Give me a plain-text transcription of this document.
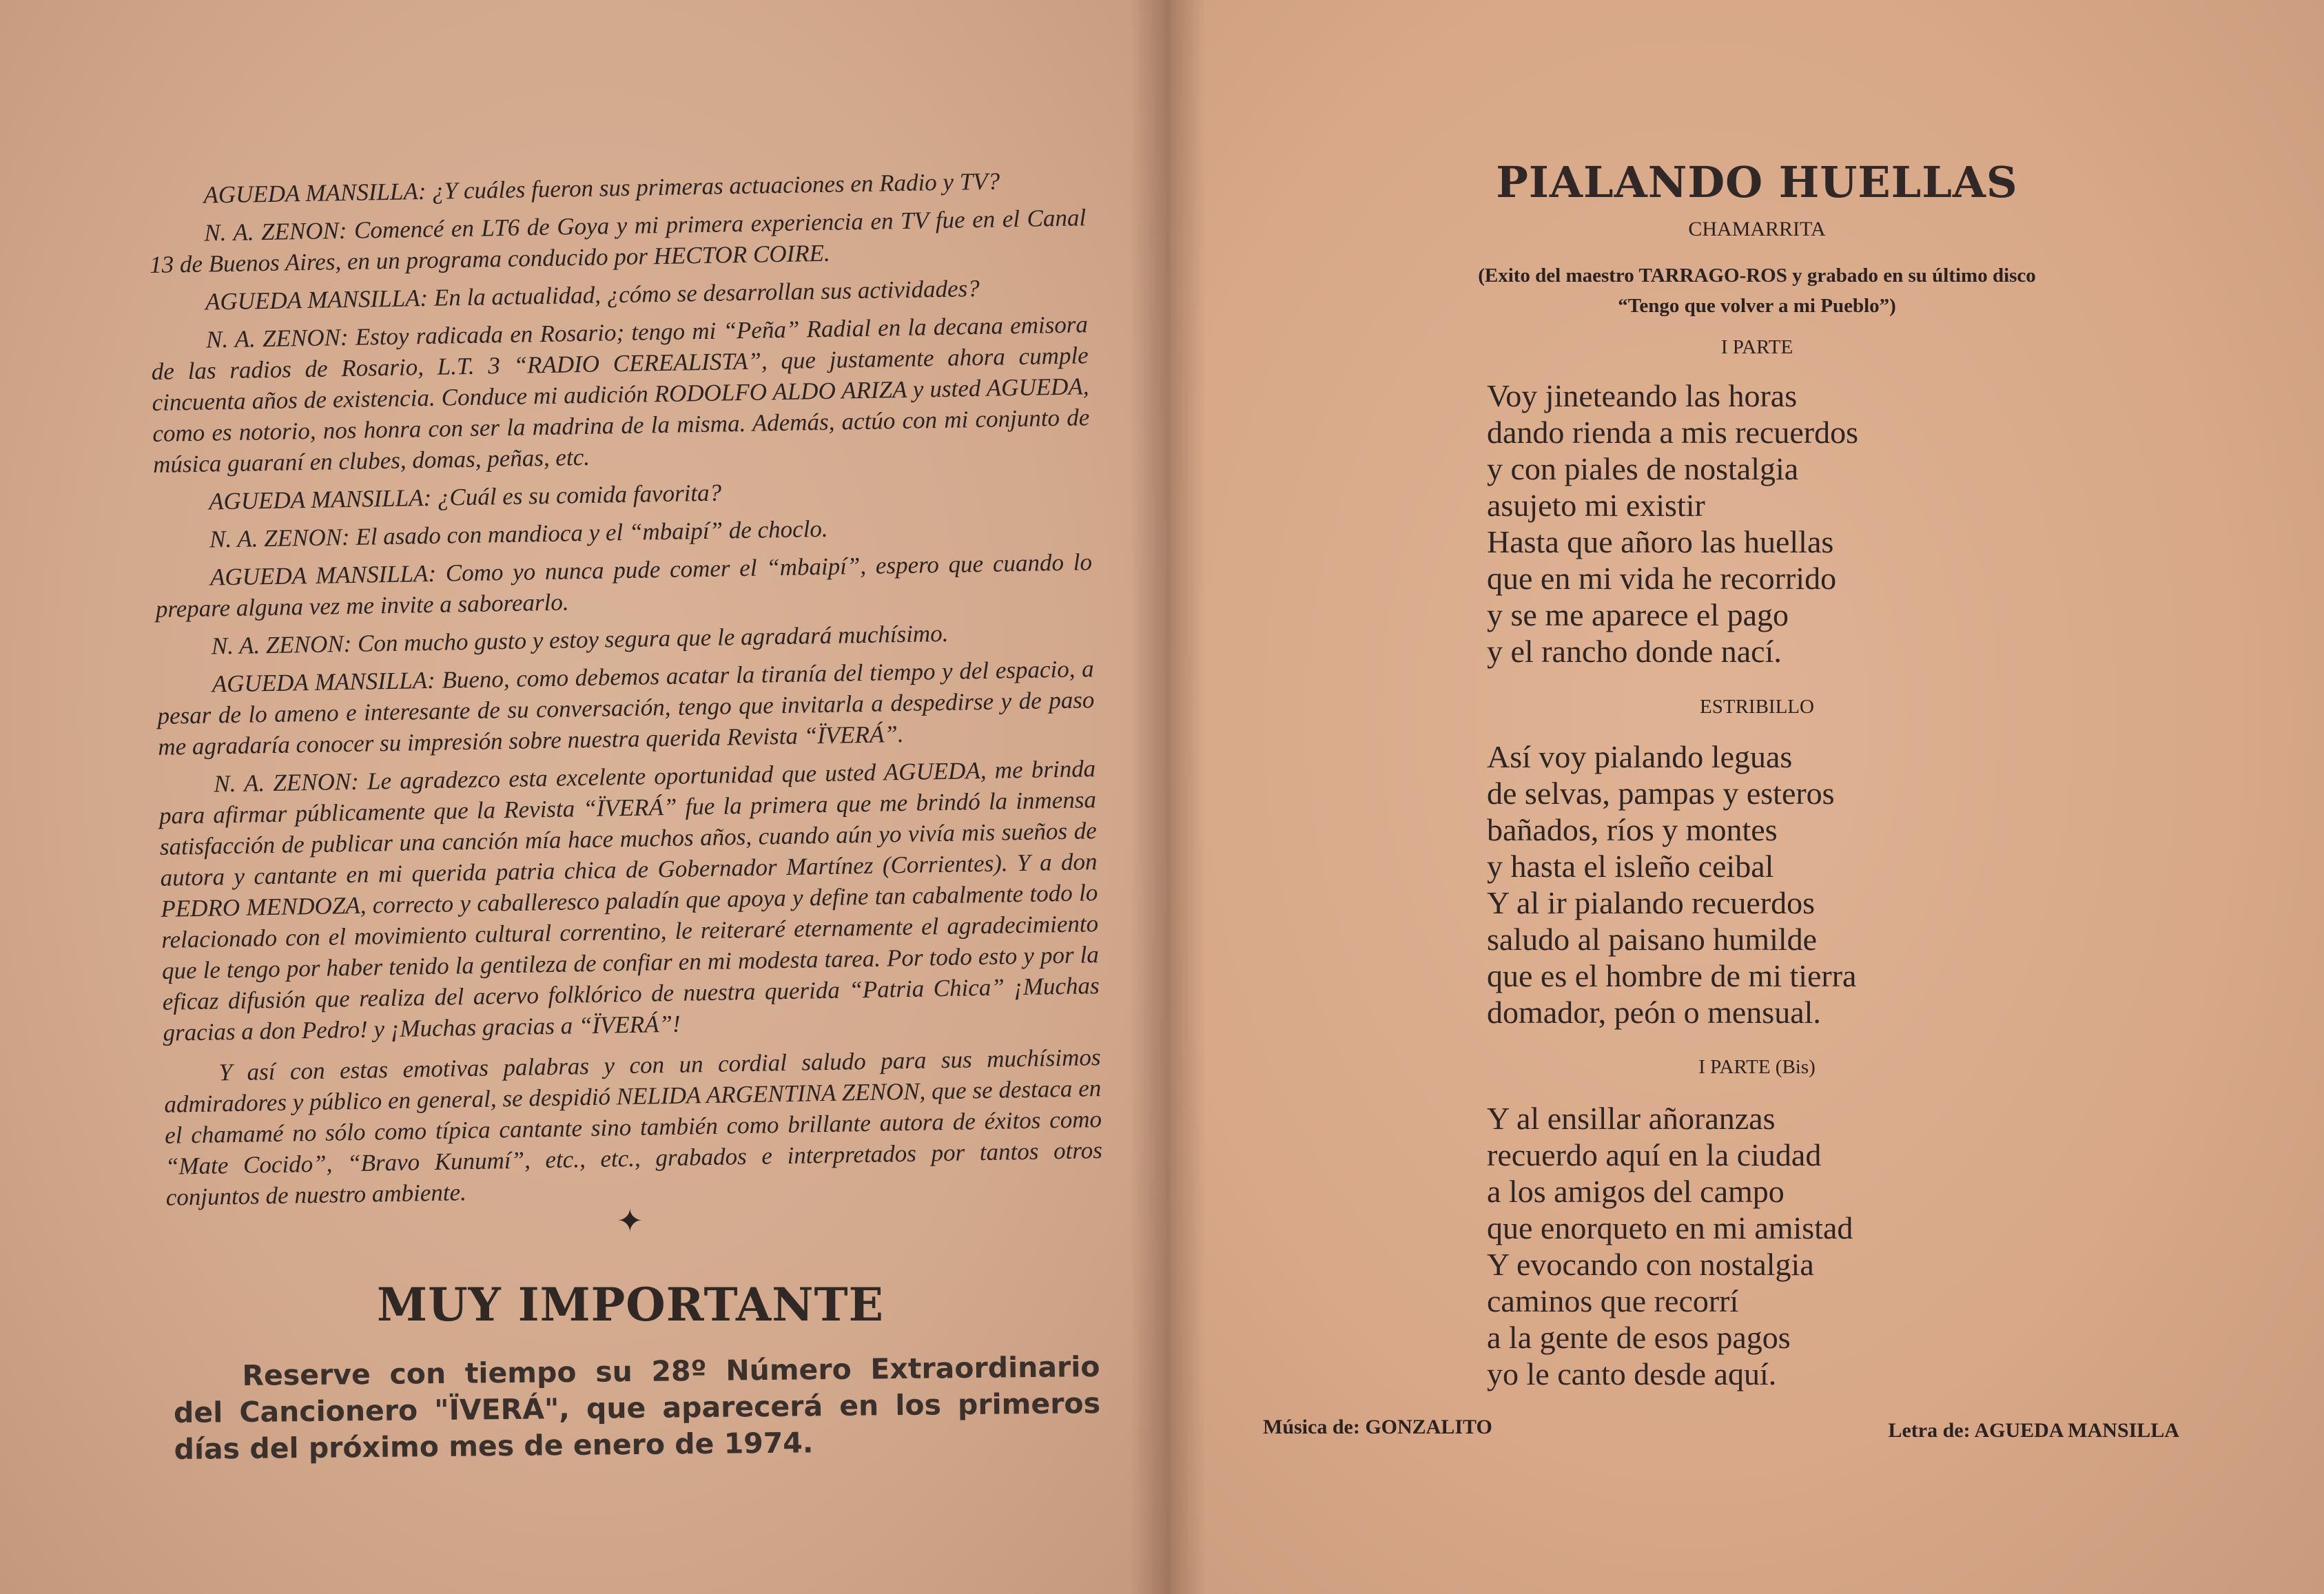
AGUEDA MANSILLA: ¿Y cuáles fueron sus primeras actuaciones en Radio y TV?

N. A. ZENON: Comencé en LT6 de Goya y mi primera experiencia en TV fue en el Canal 13 de Buenos Aires, en un programa conducido por HECTOR COIRE.

AGUEDA MANSILLA: En la actualidad, ¿cómo se desarrollan sus actividades?

N. A. ZENON: Estoy radicada en Rosario; tengo mi “Peña” Radial en la decana emisora de las radios de Rosario, L.T. 3 “RADIO CEREALISTA”, que justamente ahora cumple cincuenta años de existencia. Conduce mi audición RODOLFO ALDO ARIZA y usted AGUEDA, como es notorio, nos honra con ser la madrina de la misma. Además, actúo con mi conjunto de música guaraní en clubes, domas, peñas, etc.

AGUEDA MANSILLA: ¿Cuál es su comida favorita?

N. A. ZENON: El asado con mandioca y el “mbaipí” de choclo.

AGUEDA MANSILLA: Como yo nunca pude comer el “mbaipí”, espero que cuando lo prepare alguna vez me invite a saborearlo.

N. A. ZENON: Con mucho gusto y estoy segura que le agradará muchísimo.

AGUEDA MANSILLA: Bueno, como debemos acatar la tiranía del tiempo y del espacio, a pesar de lo ameno e interesante de su conversación, tengo que invitarla a despedirse y de paso me agradaría conocer su impresión sobre nuestra querida Revista “ÏVERÁ”.

N. A. ZENON: Le agradezco esta excelente oportunidad que usted AGUEDA, me brinda para afirmar públicamente que la Revista “ÏVERÁ” fue la primera que me brindó la inmensa satisfacción de publicar una canción mía hace muchos años, cuando aún yo vivía mis sueños de autora y cantante en mi querida patria chica de Gobernador Martínez (Corrientes). Y a don PEDRO MENDOZA, correcto y caballeresco paladín que apoya y define tan cabalmente todo lo relacionado con el movimiento cultural correntino, le reiteraré eternamente el agradecimiento que le tengo por haber tenido la gentileza de confiar en mi modesta tarea. Por todo esto y por la eficaz difusión que realiza del acervo folklórico de nuestra querida “Patria Chica” ¡Muchas gracias a don Pedro! y ¡Muchas gracias a “ÏVERÁ”!

Y así con estas emotivas palabras y con un cordial saludo para sus muchísimos admiradores y público en general, se despidió NELIDA ARGENTINA ZENON, que se destaca en el chamamé no sólo como típica cantante sino también como brillante autora de éxitos como “Mate Cocido”, “Bravo Kunumí”, etc., etc., grabados e interpretados por tantos otros conjuntos de nuestro ambiente.

✦
MUY IMPORTANTE
Reserve con tiempo su 28º Número Extraordinario del Cancionero "ÏVERÁ", que aparecerá en los primeros días del próximo mes de enero de 1974.
PIALANDO HUELLAS
CHAMARRITA
(Exito del maestro TARRAGO-ROS y grabado en su último disco
“Tengo que volver a mi Pueblo”)
I PARTE
Voy jineteando las horas
dando rienda a mis recuerdos
y con piales de nostalgia
asujeto mi existir
Hasta que añoro las huellas
que en mi vida he recorrido
y se me aparece el pago
y el rancho donde nací.
ESTRIBILLO
Así voy pialando leguas
de selvas, pampas y esteros
bañados, ríos y montes
y hasta el isleño ceibal
Y al ir pialando recuerdos
saludo al paisano humilde
que es el hombre de mi tierra
domador, peón o mensual.
I PARTE (Bis)
Y al ensillar añoranzas
recuerdo aquí en la ciudad
a los amigos del campo
que enorqueto en mi amistad
Y evocando con nostalgia
caminos que recorrí
a la gente de esos pagos
yo le canto desde aquí.
Música de: GONZALITO	Letra de: AGUEDA MANSILLA
